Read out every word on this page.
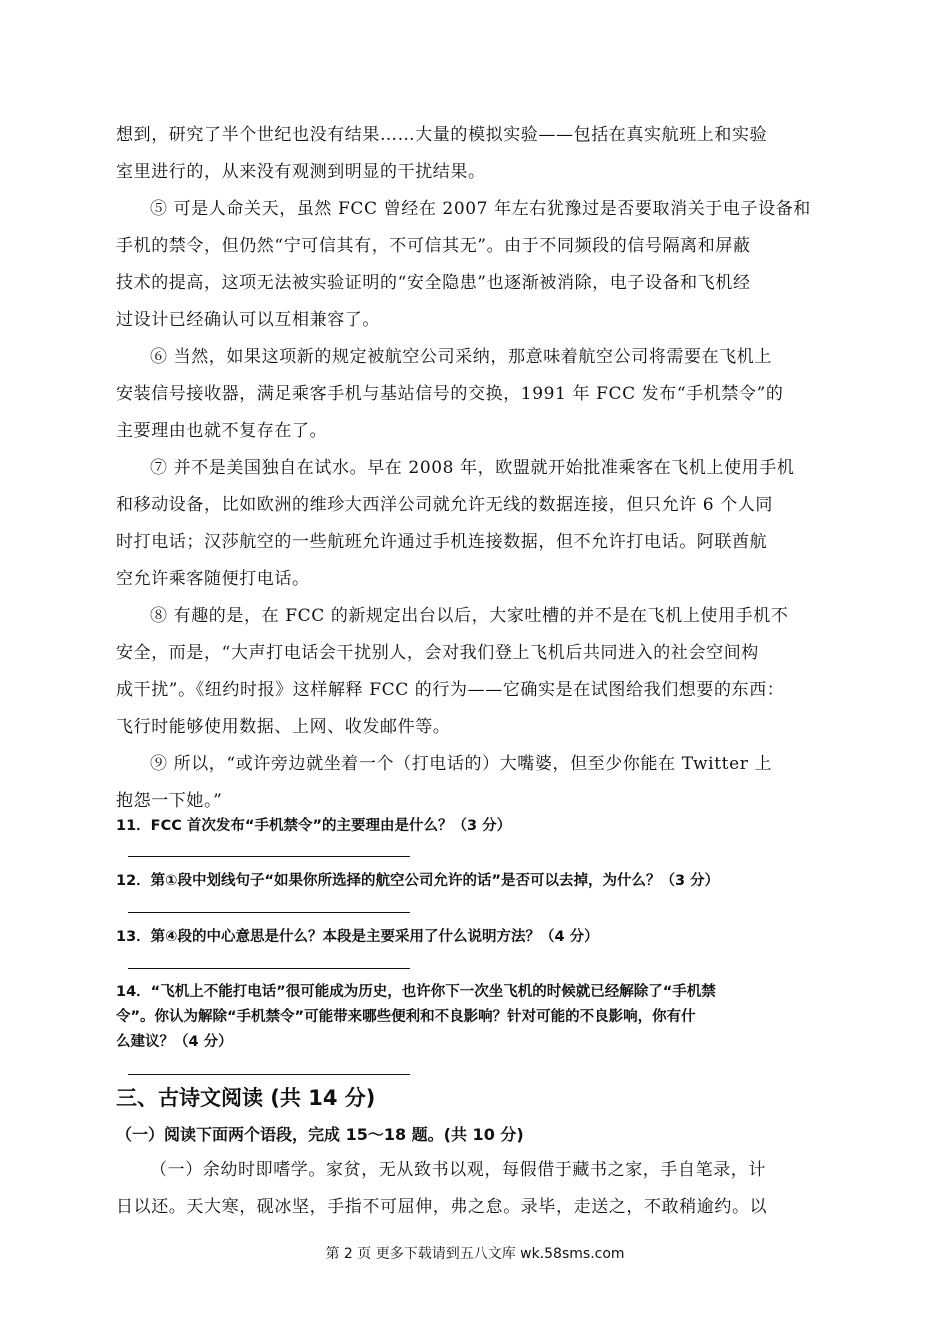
想到，研究了半个世纪也没有结果……大量的模拟实验——包括在真实航班上和实验
室里进行的，从来没有观测到明显的干扰结果。
⑤ 可是人命关天，虽然 FCC 曾经在 2007 年左右犹豫过是否要取消关于电子设备和
手机的禁令，但仍然“宁可信其有，不可信其无”。由于不同频段的信号隔离和屏蔽
技术的提高，这项无法被实验证明的“安全隐患”也逐渐被消除，电子设备和飞机经
过设计已经确认可以互相兼容了。
⑥ 当然，如果这项新的规定被航空公司采纳，那意味着航空公司将需要在飞机上
安装信号接收器，满足乘客手机与基站信号的交换，1991 年 FCC 发布“手机禁令”的
主要理由也就不复存在了。
⑦ 并不是美国独自在试水。早在 2008 年，欧盟就开始批准乘客在飞机上使用手机
和移动设备，比如欧洲的维珍大西洋公司就允许无线的数据连接，但只允许 6 个人同
时打电话；汉莎航空的一些航班允许通过手机连接数据，但不允许打电话。阿联酋航
空允许乘客随便打电话。
⑧ 有趣的是，在 FCC 的新规定出台以后，大家吐槽的并不是在飞机上使用手机不
安全，而是，“大声打电话会干扰别人，会对我们登上飞机后共同进入的社会空间构
成干扰”。《纽约时报》这样解释 FCC 的行为——它确实是在试图给我们想要的东西：
飞行时能够使用数据、上网、收发邮件等。
⑨ 所以，“或许旁边就坐着一个（打电话的）大嘴婆，但至少你能在 Twitter 上
抱怨一下她。”
11．FCC 首次发布“手机禁令”的主要理由是什么？（3 分）
12．第①段中划线句子“如果你所选择的航空公司允许的话”是否可以去掉，为什么？（3 分）
13．第④段的中心意思是什么？本段是主要采用了什么说明方法？（4 分）
14．“飞机上不能打电话”很可能成为历史，也许你下一次坐飞机的时候就已经解除了“手机禁
令”。你认为解除“手机禁令”可能带来哪些便利和不良影响？针对可能的不良影响，你有什
么建议？（4 分）
三、古诗文阅读 (共 14 分)
（一）阅读下面两个语段，完成 15～18 题。(共 10 分)
（一）余幼时即嗜学。家贫，无从致书以观，每假借于藏书之家，手自笔录，计
日以还。天大寒，砚冰坚，手指不可屈伸，弗之怠。录毕，走送之，不敢稍逾约。以
第 2 页 更多下载请到五八文库 wk.58sms.com
